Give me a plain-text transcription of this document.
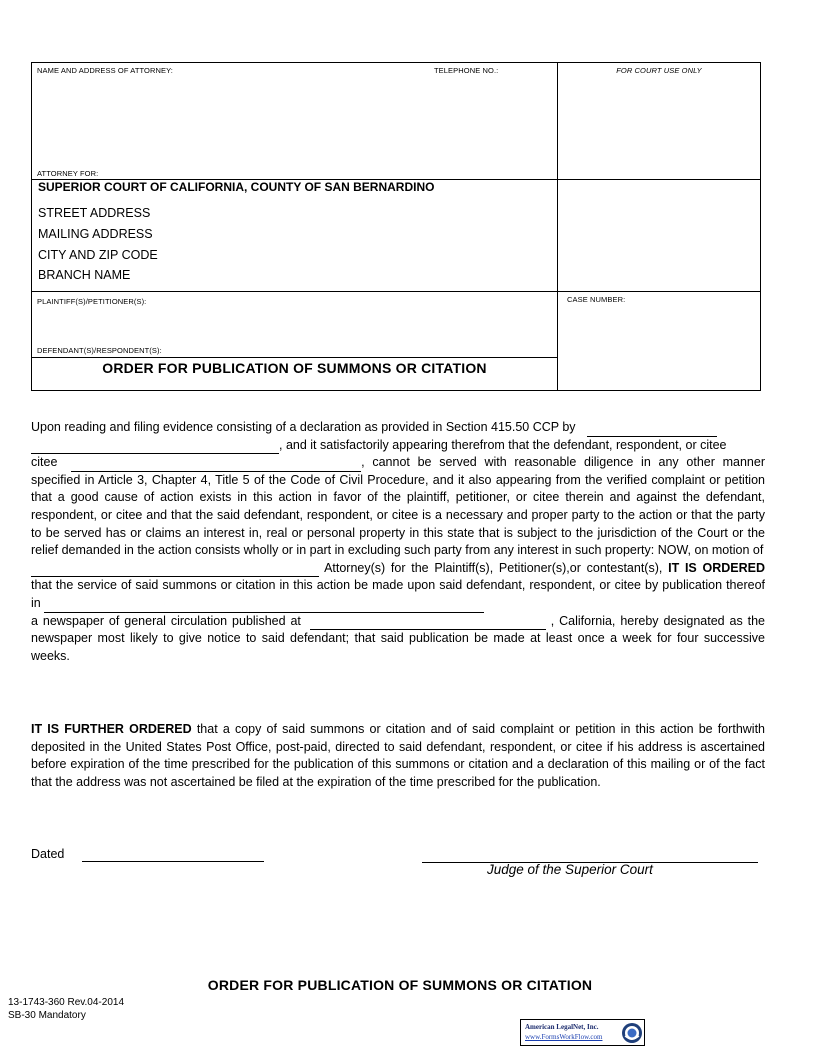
NAME AND ADDRESS OF ATTORNEY:	TELEPHONE NO.:	FOR COURT USE ONLY
ATTORNEY FOR:
SUPERIOR COURT OF CALIFORNIA, COUNTY OF SAN BERNARDINO
STREET ADDRESS
MAILING ADDRESS
CITY AND ZIP CODE
BRANCH NAME
PLAINTIFF(S)/PETITIONER(S):
DEFENDANT(S)/RESPONDENT(S):
CASE NUMBER:
ORDER FOR PUBLICATION OF SUMMONS OR CITATION

Upon reading and filing evidence consisting of a declaration as provided in Section 415.50 CCP by
, and it satisfactorily appearing therefrom that the defendant, respondent, or citee
citee	, cannot be served with reasonable diligence in any other manner specified in Article 3, Chapter 4, Title 5 of the Code of Civil Procedure, and it also appearing from the verified complaint or petition that a good cause of action exists in this action in favor of the plaintiff, petitioner, or citee therein and against the defendant, respondent, or citee and that the said defendant, respondent, or citee is a necessary and proper party to the action or that the party to be served has or claims an interest in, real or personal property in this state that is subject to the jurisdiction of the Court or the relief demanded in the action consists wholly or in part in excluding such party from any interest in such property: NOW, on motion of
Attorney(s) for the Plaintiff(s), Petitioner(s),or contestant(s), IT IS ORDERED that the service of said summons or citation in this action be made upon said defendant, respondent, or citee by publication thereof in
a newspaper of general circulation published at	, California, hereby designated as the newspaper most likely to give notice to said defendant; that said publication be made at least once a week for four successive weeks.

IT IS FURTHER ORDERED that a copy of said summons or citation and of said complaint or petition in this action be forthwith deposited in the United States Post Office, post-paid, directed to said defendant, respondent, or citee if his address is ascertained before expiration of the time prescribed for the publication of this summons or citation and a declaration of this mailing or of the fact that the address was not ascertained be filed at the expiration of the time prescribed for the publication.

Dated
Judge of the Superior Court
ORDER FOR PUBLICATION OF SUMMONS OR CITATION
13-1743-360 Rev.04-2014
SB-30 Mandatory
American LegalNet, Inc.
www.FormsWorkFlow.com
